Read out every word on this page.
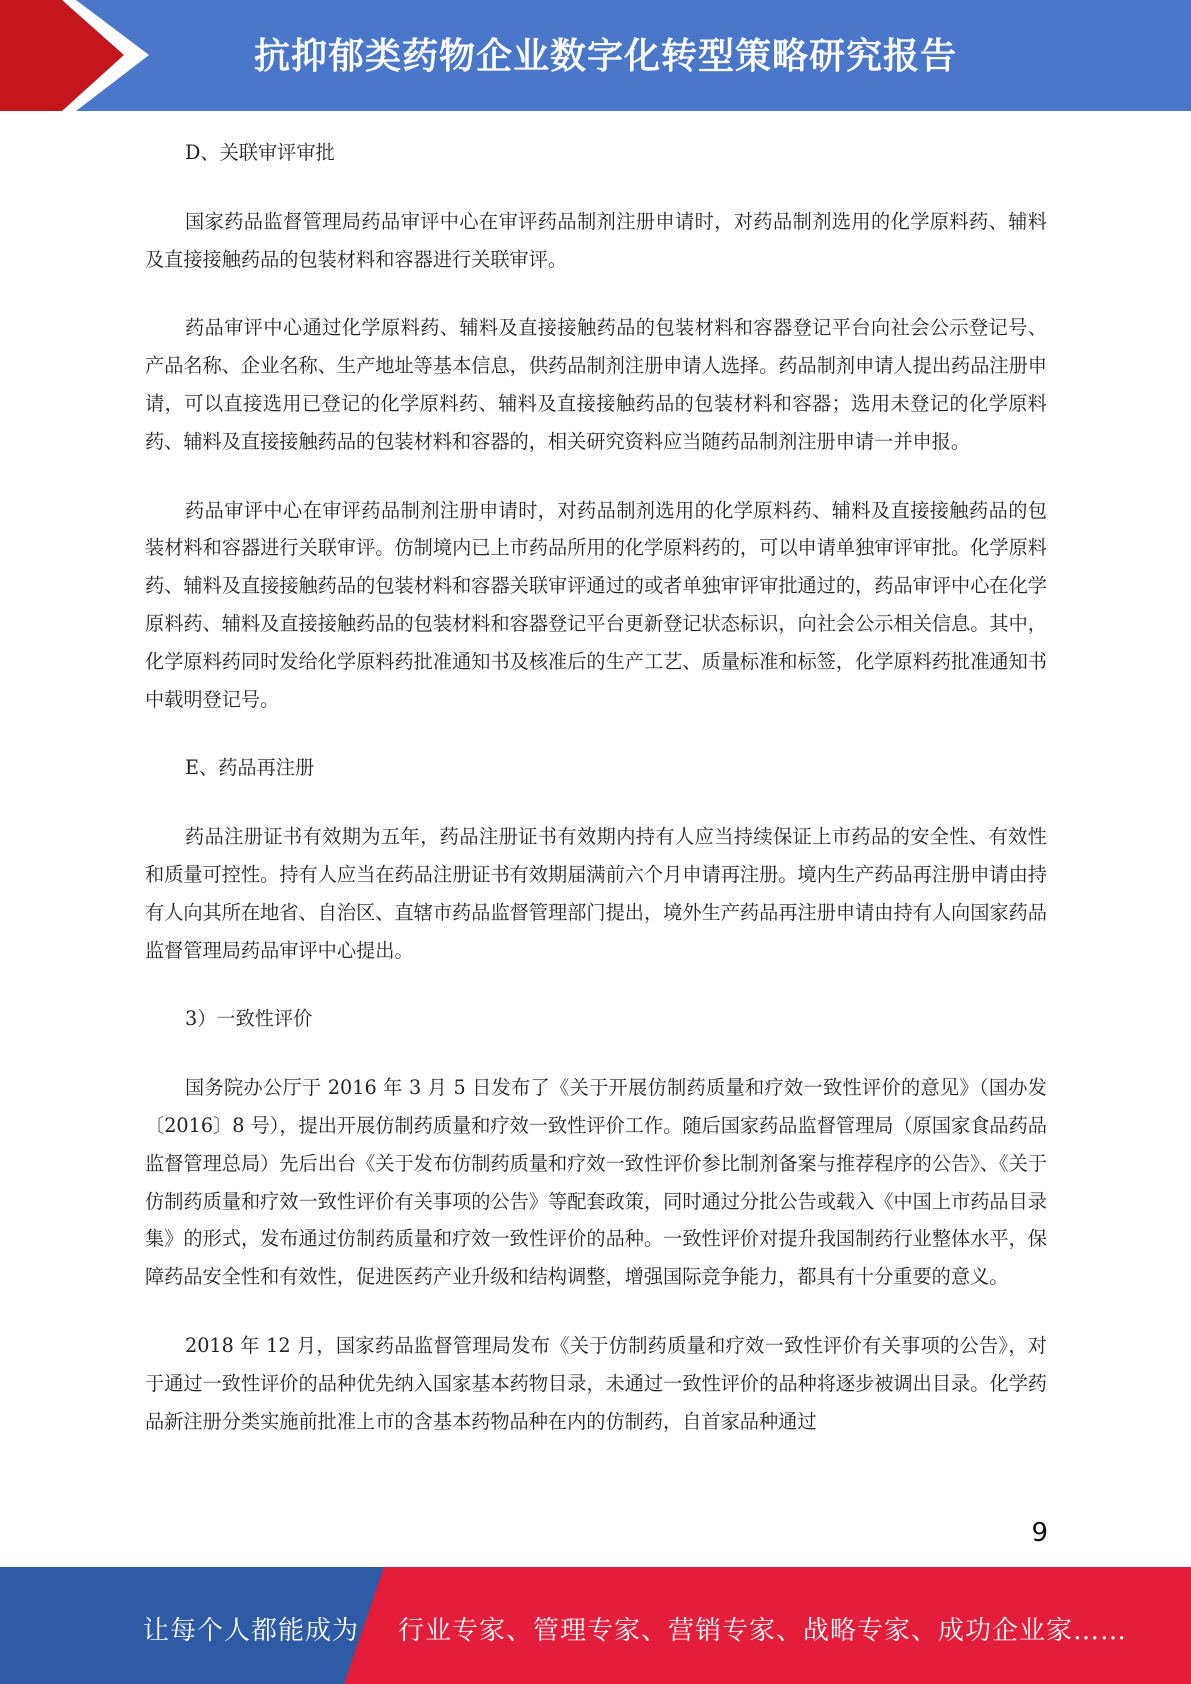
抗抑郁类药物企业数字化转型策略研究报告
D、关联审评审批

国家药品监督管理局药品审评中心在审评药品制剂注册申请时，对药品制剂选用的化学原料药、辅料及直接接触药品的包装材料和容器进行关联审评。

药品审评中心通过化学原料药、辅料及直接接触药品的包装材料和容器登记平台向社会公示登记号、产品名称、企业名称、生产地址等基本信息，供药品制剂注册申请人选择。药品制剂申请人提出药品注册申请，可以直接选用已登记的化学原料药、辅料及直接接触药品的包装材料和容器；选用未登记的化学原料药、辅料及直接接触药品的包装材料和容器的，相关研究资料应当随药品制剂注册申请一并申报。

药品审评中心在审评药品制剂注册申请时，对药品制剂选用的化学原料药、辅料及直接接触药品的包装材料和容器进行关联审评。仿制境内已上市药品所用的化学原料药的，可以申请单独审评审批。化学原料药、辅料及直接接触药品的包装材料和容器关联审评通过的或者单独审评审批通过的，药品审评中心在化学原料药、辅料及直接接触药品的包装材料和容器登记平台更新登记状态标识，向社会公示相关信息。其中，化学原料药同时发给化学原料药批准通知书及核准后的生产工艺、质量标准和标签，化学原料药批准通知书中载明登记号。

E、药品再注册

药品注册证书有效期为五年，药品注册证书有效期内持有人应当持续保证上市药品的安全性、有效性和质量可控性。持有人应当在药品注册证书有效期届满前六个月申请再注册。境内生产药品再注册申请由持有人向其所在地省、自治区、直辖市药品监督管理部门提出，境外生产药品再注册申请由持有人向国家药品监督管理局药品审评中心提出。

3）一致性评价

国务院办公厅于 2016 年 3 月 5 日发布了《关于开展仿制药质量和疗效一致性评价的意见》（国办发〔2016〕8 号），提出开展仿制药质量和疗效一致性评价工作。随后国家药品监督管理局（原国家食品药品监督管理总局）先后出台《关于发布仿制药质量和疗效一致性评价参比制剂备案与推荐程序的公告》、《关于仿制药质量和疗效一致性评价有关事项的公告》等配套政策，同时通过分批公告或载入《中国上市药品目录集》的形式，发布通过仿制药质量和疗效一致性评价的品种。一致性评价对提升我国制药行业整体水平，保障药品安全性和有效性，促进医药产业升级和结构调整，增强国际竞争能力，都具有十分重要的意义。

2018 年 12 月，国家药品监督管理局发布《关于仿制药质量和疗效一致性评价有关事项的公告》，对于通过一致性评价的品种优先纳入国家基本药物目录，未通过一致性评价的品种将逐步被调出目录。化学药品新注册分类实施前批准上市的含基本药物品种在内的仿制药，自首家品种通过

9
让每个人都能成为 行业专家、管理专家、营销专家、战略专家、成功企业家……
